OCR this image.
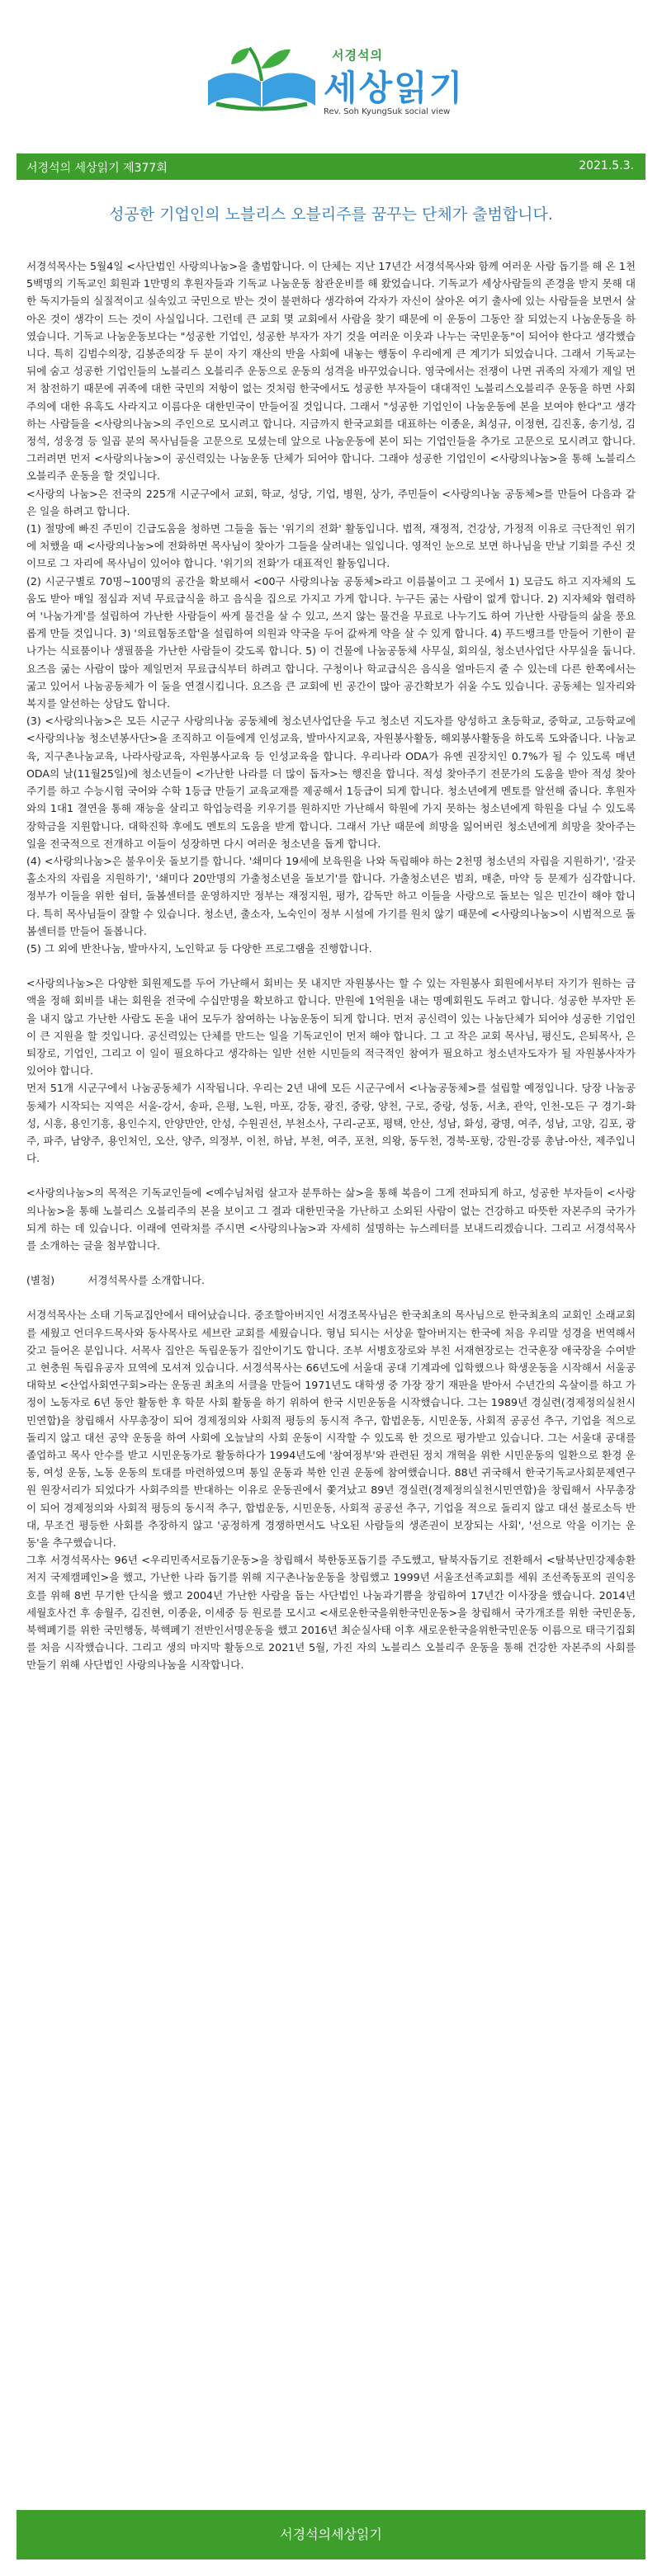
서경석의
세상읽기
Rev. Soh KyungSuk social view
서경석의 세상읽기 제377회	2021.5.3.
성공한 기업인의 노블리스 오블리주를 꿈꾸는 단체가 출범합니다.

서경석목사는 5월4일 <사단법인 사랑의나눔>을 출범합니다. 이 단체는 지난 17년간 서경석목사와 함께 여러운 사람 돕기를 해 온 1천5백명의 기독교인 회원과 1만명의 후원자들과 기독교 나눔운동 참관운비를 해 왔었습니다. 기독교가 세상사람들의 존경을 받지 못해 대한 독지가들의 실질적이고 실속있고 국민으로 받는 것이 불편하다 생각하여 각자가 자신이 살아온 여기 출사에 있는 사람들을 보면서 살아온 것이 생각이 드는 것이 사실입니다. 그런데 큰 교회 몇 교회에서 사람을 찾기 때문에 이 운동이 그동안 잘 되었는지 나눔운동을 하였습니다. 기독교 나눔운동보다는 "성공한 기업인, 성공한 부자가 자기 것을 여러운 이웃과 나누는 국민운동"이 되어야 한다고 생각했습니다. 특히 김범수의장, 김봉준의장 두 분이 자기 재산의 반을 사회에 내놓는 행동이 우리에게 큰 계기가 되었습니다. 그래서 기독교는 뒤에 숨고 성공한 기업인들의 노블리스 오블리주 운동으로 운동의 성격을 바꾸었습니다. 영국에서는 전쟁이 나면 귀족의 자제가 제일 먼저 참전하기 때문에 귀족에 대한 국민의 저항이 없는 것처럼 한국에서도 성공한 부자들이 대대적인 노블리스오블리주 운동을 하면 사회주의에 대한 유혹도 사라지고 이름다운 대한민국이 만들어질 것입니다. 그래서 "성공한 기업인이 나눔운동에 본을 보여야 한다"고 생각하는 사람들을 <사랑의나눔>의 주인으로 모시려고 합니다. 지금까지 한국교회를 대표하는 이종윤, 최성규, 이정현, 김진홍, 송기성, 김정석, 성웅경 등 일곱 분의 목사님들을 고문으로 모셨는데 앞으로 나눔운동에 본이 되는 기업인들을 추가로 고문으로 모시려고 합니다. 그러려면 먼저 <사랑의나눔>이 공신력있는 나눔운동 단체가 되어야 합니다. 그래야 성공한 기업인이 <사랑의나눔>을 통해 노블리스 오블리주 운동을 할 것입니다.

<사랑의 나눔>은 전국의 225개 시군구에서 교회, 학교, 성당, 기업, 병원, 상가, 주민들이 <사랑의나눔 공동체>를 만들어 다음과 같은 일을 하려고 합니다.

(1) 절망에 빠진 주민이 긴급도움을 청하면 그들을 돕는 '위기의 전화' 활동입니다. 법적, 재정적, 건강상, 가정적 이유로 극단적인 위기에 처했을 때 <사랑의나눔>에 전화하면 목사님이 찾아가 그들을 살려내는 일입니다. 영적인 눈으로 보면 하나님을 만날 기회를 주신 것이므로 그 자리에 목사님이 있어야 합니다. '위기의 전화'가 대표적인 활동입니다.

(2) 시군구별로 70명~100명의 공간을 확보해서 <00구 사랑의나눔 공동체>라고 이름붙이고 그 곳에서 1) 모금도 하고 지자체의 도움도 받아 매일 점심과 저녁 무료급식을 하고 음식을 집으로 가지고 가게 합니다. 누구든 굶는 사람이 없게 합니다. 2) 지자체와 협력하여 '나눔가게'를 설립하여 가난한 사람들이 싸게 물건을 살 수 있고, 쓰지 않는 물건을 무료로 나누기도 하여 가난한 사람들의 삶을 풍요롭게 만들 것입니다. 3) '의료협동조합'을 설립하여 의원과 약국을 두어 값싸게 약을 살 수 있게 합니다. 4) 푸드뱅크를 만들어 기한이 끝나가는 식료품이나 생필품을 가난한 사람들이 갖도록 합니다. 5) 이 건물에 나눔공동체 사무실, 회의실, 청소년사업단 사무실을 둡니다. 요즈음 굶는 사람이 많아 제일먼저 무료급식부터 하려고 합니다. 구청이나 학교급식은 음식을 얼마든지 줄 수 있는데 다른 한쪽에서는 굶고 있어서 나눔공동체가 이 둘을 연결시킵니다. 요즈음 큰 교회에 빈 공간이 많아 공간확보가 쉬울 수도 있습니다. 공동체는 일자리와 복지를 알선하는 상담도 합니다.

(3) <사랑의나눔>은 모든 시군구 사랑의나눔 공동체에 청소년사업단을 두고 청소년 지도자를 양성하고 초등학교, 중학교, 고등학교에 <사랑의나눔 청소년봉사단>을 조직하고 이들에게 인성교육, 발마사지교육, 자원봉사활동, 해외봉사활동을 하도록 도와줍니다. 나눔교육, 지구촌나눔교육, 나라사랑교육, 자원봉사교육 등 인성교육을 합니다. 우리나라 ODA가 유엔 권장치인 0.7%가 될 수 있도록 매년 ODA의 날(11월25일)에 청소년들이 <가난한 나라를 더 많이 돕자>는 행진을 합니다. 적성 찾아주기 전문가의 도움을 받아 적성 찾아주기를 하고 수능시험 국어와 수학 1등급 만들기 교육교재를 제공해서 1등급이 되게 합니다. 청소년에게 멘토를 알선해 줍니다. 후원자와의 1대1 결연을 통해 재능을 살리고 학업능력을 키우기를 원하지만 가난해서 학원에 가지 못하는 청소년에게 학원을 다닐 수 있도록 장학금을 지원합니다. 대학진학 후에도 멘토의 도움을 받게 합니다. 그래서 가난 때문에 희망을 잃어버린 청소년에게 희망을 찾아주는 일을 전국적으로 전개하고 이들이 성장하면 다시 여러운 청소년을 돕게 합니다.

(4) <사랑의나눔>은 불우이웃 돌보기를 합니다. '쇄미다 19세에 보육원을 나와 독립해야 하는 2천명 청소년의 자립을 지원하기', '갈곳 홀소자의 자립을 지원하기', '쇄미다 20만명의 가출청소년을 돌보기'를 합니다. 가출청소년은 범죄, 매춘, 마약 등 문제가 심각합니다. 정부가 이들을 위한 쉼터, 돌봄센터를 운영하지만 정부는 재정지원, 평가, 감독만 하고 이들을 사랑으로 돌보는 일은 민간이 해야 합니다. 특히 목사님들이 잘할 수 있습니다. 청소년, 출소자, 노숙인이 정부 시설에 가기를 원치 않기 때문에 <사랑의나눔>이 시범적으로 돌봄센터를 만들어 돌봅니다.

(5) 그 외에 반찬나눔, 발마사지, 노인학교 등 다양한 프로그램을 진행합니다.

<사랑의나눔>은 다양한 회원제도를 두어 가난해서 회비는 못 내지만 자원봉사는 할 수 있는 자원봉사 회원에서부터 자기가 원하는 금액을 정해 회비를 내는 회원을 전국에 수십만명을 확보하고 합니다. 만원에 1억원을 내는 명예회원도 두려고 합니다. 성공한 부자만 돈을 내지 않고 가난한 사람도 돈을 내어 모두가 참여하는 나눔운동이 되게 합니다. 먼저 공신력이 있는 나눔단체가 되어야 성공한 기업인이 큰 지원을 할 것입니다. 공신력있는 단체를 만드는 일을 기독교인이 먼저 해야 합니다. 그 고 작은 교회 목사님, 평신도, 은퇴목사, 은퇴장로, 기업인, 그리고 이 일이 필요하다고 생각하는 일반 선한 시민들의 적극적인 참여가 필요하고 청소년자도자가 될 자원봉사자가 있어야 합니다.

먼저 51개 시군구에서 나눔공동체가 시작됩니다. 우리는 2년 내에 모든 시군구에서 <나눔공동체>를 설립할 예정입니다. 당장 나눔공동체가 시작되는 지역은 서울-강서, 송파, 은평, 노원, 마포, 강동, 광진, 중랑, 양천, 구로, 중랑, 성동, 서초, 관악, 인천-모든 구 경기-화성, 시흥, 용인기흥, 용인수지, 안양만안, 안성, 수원권선, 부천소사, 구리-군포, 평택, 안산, 성남, 화성, 광명, 여주, 성남, 고양, 김포, 광주, 파주, 남양주, 용인처인, 오산, 양주, 의정부, 이천, 하남, 부천, 여주, 포천, 의왕, 동두천, 경북-포항, 강원-강릉 총남-아산, 제주입니다.

<사랑의나눔>의 목적은 기독교인들에 <예수님처럼 살고자 분투하는 삶>을 통해 복음이 그게 전파되게 하고, 성공한 부자들이 <사랑의나눔>을 통해 노블리스 오블리주의 본을 보이고 그 결과 대한민국을 가난하고 소외된 사람이 없는 건강하고 따뜻한 자본주의 국가가 되게 하는 데 있습니다. 이래에 연락처를 주시면 <사랑의나눔>과 자세히 설명하는 뉴스레터를 보내드리겠습니다. 그리고 서경석목사를 소개하는 글을 첨부합니다.

(별첨)	서경석목사를 소개합니다.

서경석목사는 소태 기독교집안에서 태어났습니다. 중조할아버지인 서경조목사님은 한국최초의 목사님으로 한국최초의 교회인 소래교회를 세웠고 언더우드목사와 동사목사로 세브란 교회를 세웠습니다. 형님 되시는 서상윤 할아버지는 한국에 처음 우리말 성경을 번역해서 갖고 들어온 분입니다. 서목사 집안은 독립운동가 집안이기도 합니다. 조부 서병호장로와 부친 서재현장로는 건국훈장 애국장을 수여받고 현충원 독립유공자 묘역에 모셔져 있습니다. 서경석목사는 66년도에 서울대 공대 기계과에 입학했으나 학생운동을 시작해서 서울공대학보 <산업사회연구회>라는 운동권 최초의 서클을 만들어 1971년도 대학생 중 가장 장기 재판을 받아서 수년간의 옥살이를 하고 가정이 노동자로 6년 동안 활동한 후 학문 사회 활동을 하기 위하여 한국 시민운동을 시작했습니다. 그는 1989년 경실련(경제정의실천시민연합)을 창립해서 사무총장이 되어 경제정의와 사회적 평등의 동시적 추구, 합법운동, 시민운동, 사회적 공공선 추구, 기업을 적으로 돌리지 않고 대선 공약 운동을 하여 사회에 오늘날의 사회 운동이 시작할 수 있도록 한 것으로 평가받고 있습니다. 그는 서울대 공대를 졸업하고 목사 안수를 받고 시민운동가로 활동하다가 1994년도에 '참여정부'와 관련된 정치 개혁을 위한 시민운동의 일환으로 환경 운동, 여성 운동, 노동 운동의 토대를 마련하였으며 통일 운동과 북한 인권 운동에 참여했습니다. 88년 귀국해서 한국기독교사회문제연구원 원장서리가 되었다가 사회주의를 반대하는 이유로 운동권에서 쫓겨났고 89년 경실련(경제정의실천시민연합)을 창립해서 사무총장이 되어 경제정의와 사회적 평등의 동시적 추구, 합법운동, 시민운동, 사회적 공공선 추구, 기업을 적으로 돌리지 않고 대선 불로소득 반대, 무조건 평등한 사회를 추장하지 않고 '공정하게 경쟁하면서도 낙오된 사람들의 생존권이 보장되는 사회', '선으로 악을 이기는 운동'을 추구했습니다.

그후 서경석목사는 96년 <우리민족서로돕기운동>을 창립해서 북한동포돕기를 주도했고, 탈북자돕기로 전환해서 <탈북난민강제송환저지 국제캠페인>을 했고, 가난한 나라 돕기를 위해 지구촌나눔운동을 창립했고 1999년 서울조선족교회를 세워 조선족동포의 권익옹호를 위해 8번 무기한 단식을 했고 2004년 가난한 사람을 돕는 사단법인 나눔과기쁨을 창립하여 17년간 이사장을 했습니다. 2014년 세월호사건 후 송월주, 김진현, 이종윤, 이세중 등 원로를 모시고 <새로운한국을위한국민운동>을 창립해서 국가개조를 위한 국민운동, 북핵폐기를 위한 국민행동, 북핵폐기 전반인서명운동을 했고 2016년 최순실사태 이후 새로운한국을위한국민운동 이름으로 태극기집회를 처음 시작했습니다. 그리고 생의 마지막 활동으로 2021년 5월, 가진 자의 노블리스 오블리주 운동을 통해 건강한 자본주의 사회를 만들기 위해 사단법인 사랑의나눔을 시작합니다.

서경석의세상읽기
